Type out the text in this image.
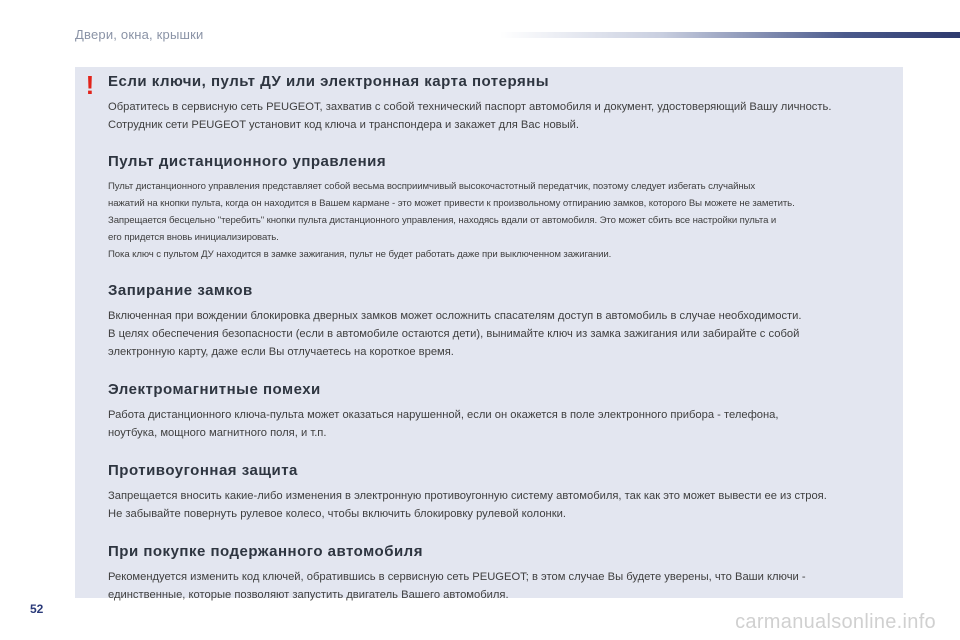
Двери, окна, крышки
! Если ключи, пульт ДУ или электронная карта потеряны

Обратитесь в сервисную сеть PEUGEOT, захватив с собой технический паспорт автомобиля и документ, удостоверяющий Вашу личность.

Сотрудник сети PEUGEOT установит код ключа и транспондера и закажет для Вас новый.

Пульт дистанционного управления

Пульт дистанционного управления представляет собой весьма восприимчивый высокочастотный передатчик, поэтому следует избегать случайных

нажатий на кнопки пульта, когда он находится в Вашем кармане - это может привести к произвольному отпиранию замков, которого Вы можете не заметить.

Запрещается бесцельно "теребить" кнопки пульта дистанционного управления, находясь вдали от автомобиля. Это может сбить все настройки пульта и

его придется вновь инициализировать.

Пока ключ с пультом ДУ находится в замке зажигания, пульт не будет работать даже при выключенном зажигании.

Запирание замков

Включенная при вождении блокировка дверных замков может осложнить спасателям доступ в автомобиль в случае необходимости.

В целях обеспечения безопасности (если в автомобиле остаются дети), вынимайте ключ из замка зажигания или забирайте с собой

электронную карту, даже если Вы отлучаетесь на короткое время.

Электромагнитные помехи

Работа дистанционного ключа-пульта может оказаться нарушенной, если он окажется в поле электронного прибора - телефона,

ноутбука, мощного магнитного поля, и т.п.

Противоугонная защита

Запрещается вносить какие-либо изменения в электронную противоугонную систему автомобиля, так как это может вывести ее из строя.

Не забывайте повернуть рулевое колесо, чтобы включить блокировку рулевой колонки.

При покупке подержанного автомобиля

Рекомендуется изменить код ключей, обратившись в сервисную сеть PEUGEOT; в этом случае Вы будете уверены, что Ваши ключи -

единственные, которые позволяют запустить двигатель Вашего автомобиля.

52
carmanualsonline.info
